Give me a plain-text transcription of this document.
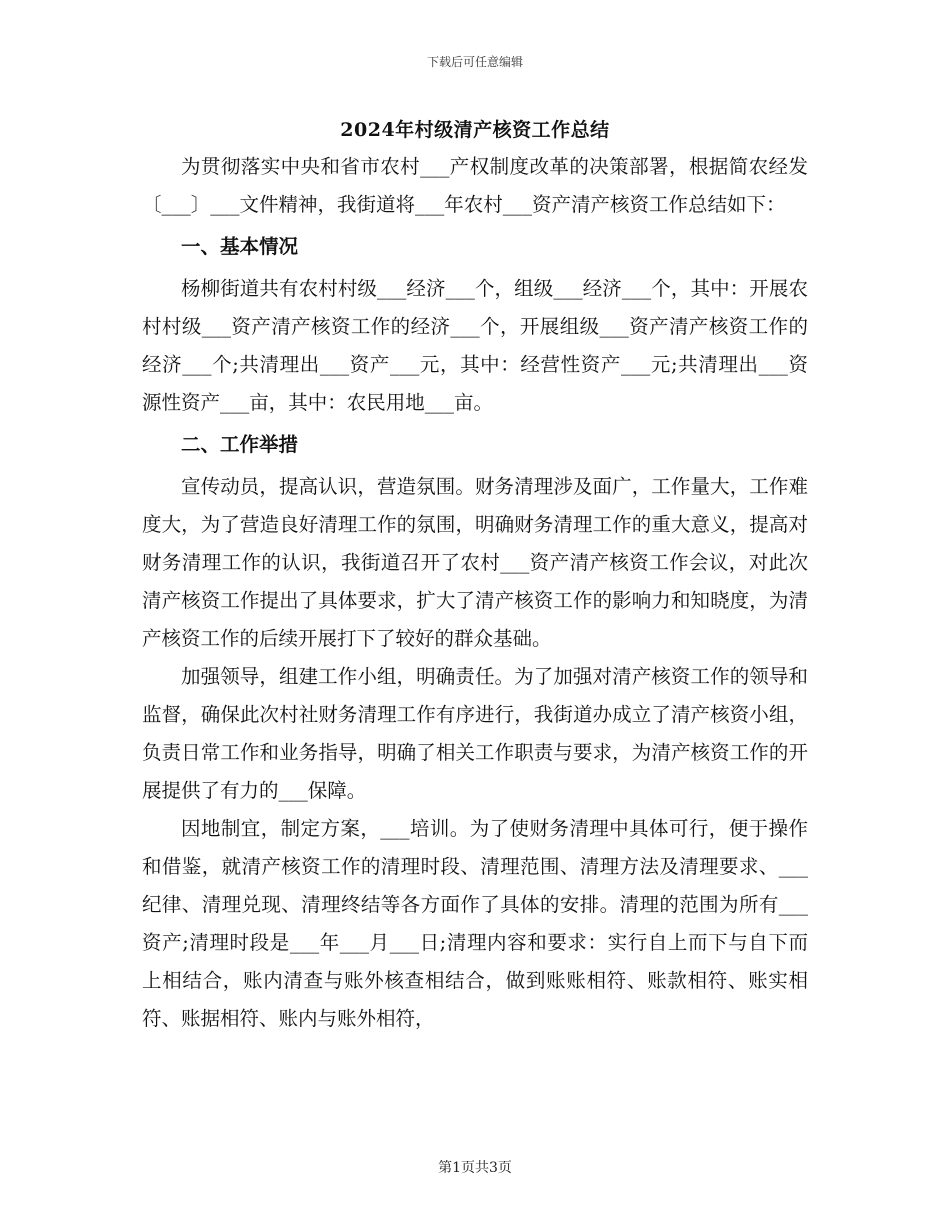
下载后可任意编辑
2024年村级清产核资工作总结

为贯彻落实中央和省市农村___产权制度改革的决策部署，根据简农经发〔___〕___文件精神，我街道将___年农村___资产清产核资工作总结如下：

一、基本情况

杨柳街道共有农村村级___经济___个，组级___经济___个，其中：开展农村村级___资产清产核资工作的经济___个，开展组级___资产清产核资工作的经济___个;共清理出___资产___元，其中：经营性资产___元;共清理出___资源性资产___亩，其中：农民用地___亩。

二、工作举措

宣传动员，提高认识，营造氛围。财务清理涉及面广，工作量大，工作难度大，为了营造良好清理工作的氛围，明确财务清理工作的重大意义，提高对财务清理工作的认识，我街道召开了农村___资产清产核资工作会议，对此次清产核资工作提出了具体要求，扩大了清产核资工作的影响力和知晓度，为清产核资工作的后续开展打下了较好的群众基础。

加强领导，组建工作小组，明确责任。为了加强对清产核资工作的领导和监督，确保此次村社财务清理工作有序进行，我街道办成立了清产核资小组，负责日常工作和业务指导，明确了相关工作职责与要求，为清产核资工作的开展提供了有力的___保障。

因地制宜，制定方案，___培训。为了使财务清理中具体可行，便于操作和借鉴，就清产核资工作的清理时段、清理范围、清理方法及清理要求、___纪律、清理兑现、清理终结等各方面作了具体的安排。清理的范围为所有___资产;清理时段是___年___月___日;清理内容和要求：实行自上而下与自下而上相结合，账内清查与账外核查相结合，做到账账相符、账款相符、账实相符、账据相符、账内与账外相符，

第1页共3页
